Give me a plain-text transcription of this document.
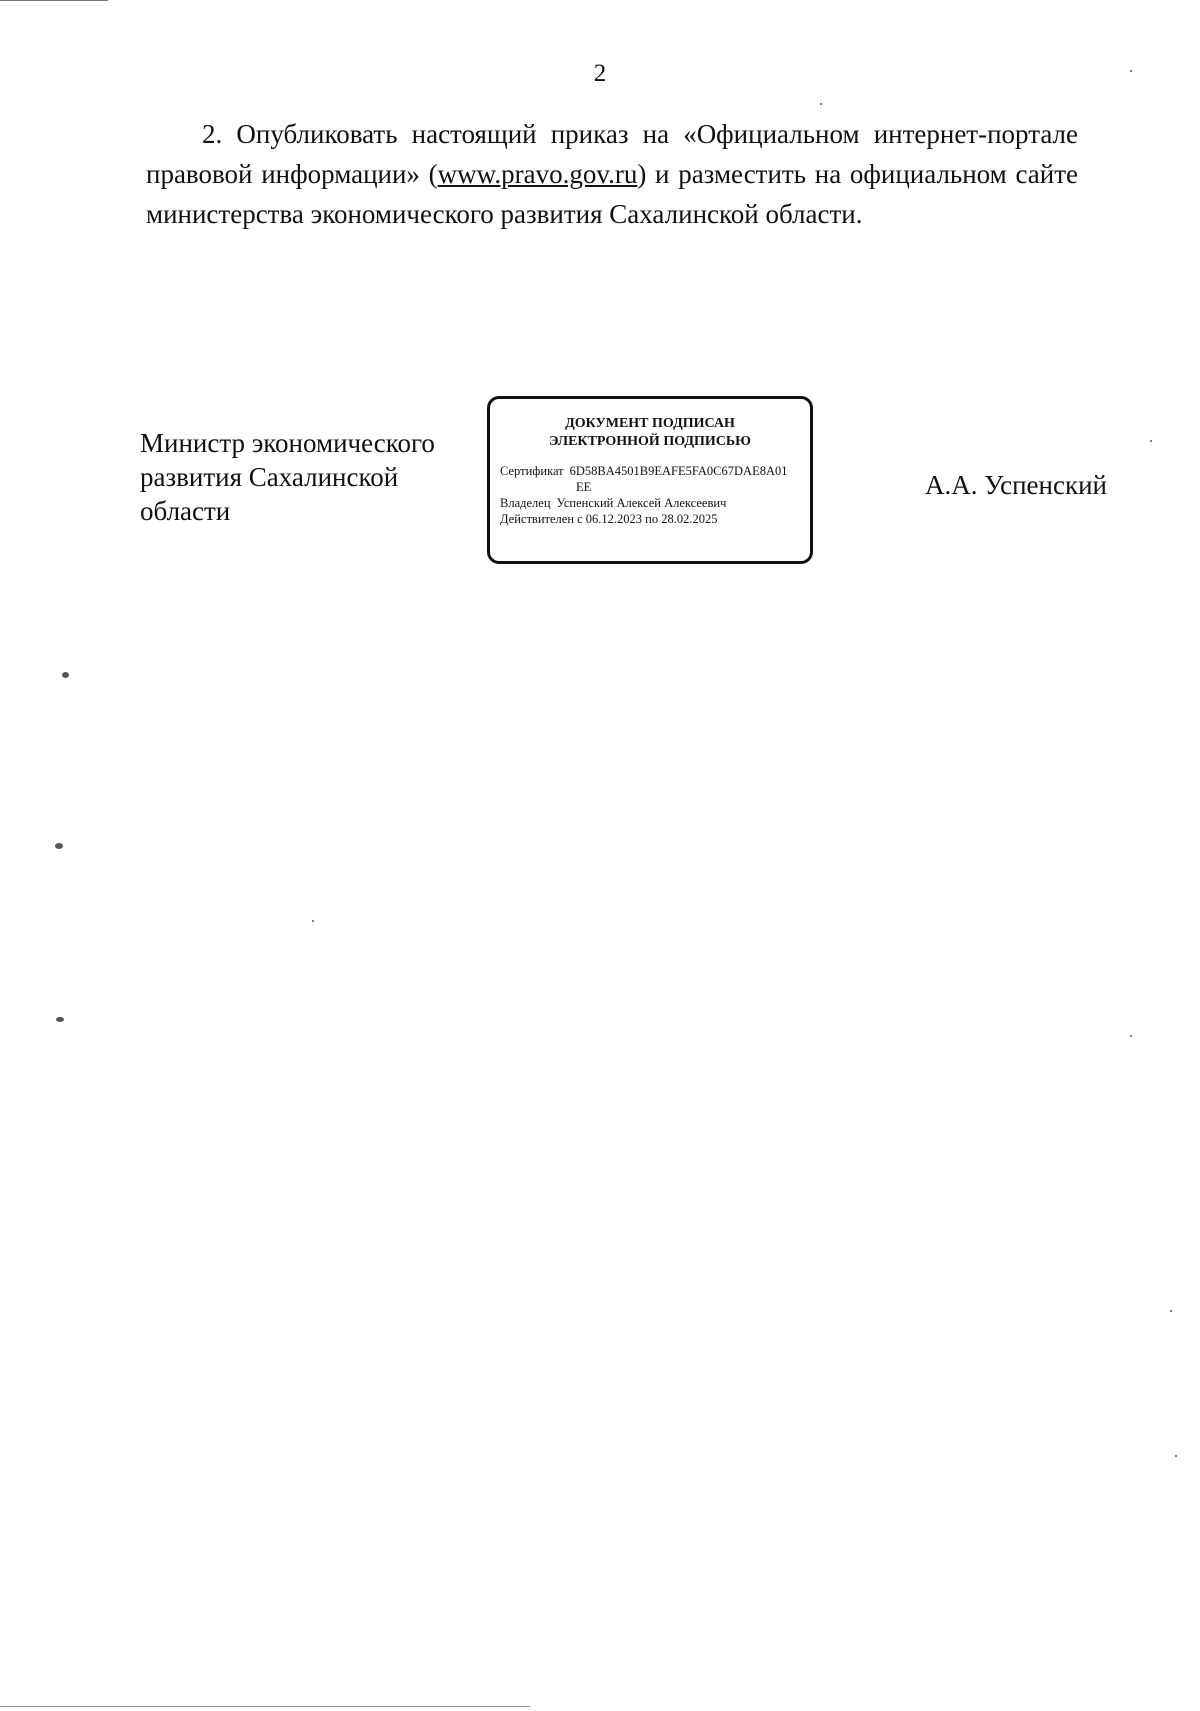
2

2. Опубликовать настоящий приказ на «Официальном интернет-портале правовой информации» (www.pravo.gov.ru) и разместить на официальном сайте министерства экономического развития Сахалинской области.

Министр экономического
развития Сахалинской
области
ДОКУМЕНТ ПОДПИСАН
ЭЛЕКТРОННОЙ ПОДПИСЬЮ
Сертификат 6D58BA4501B9EAFE5FA0C67DAE8A01
EE
Владелец Успенский Алексей Алексеевич
Действителен с 06.12.2023 по 28.02.2025
А.А. Успенский
